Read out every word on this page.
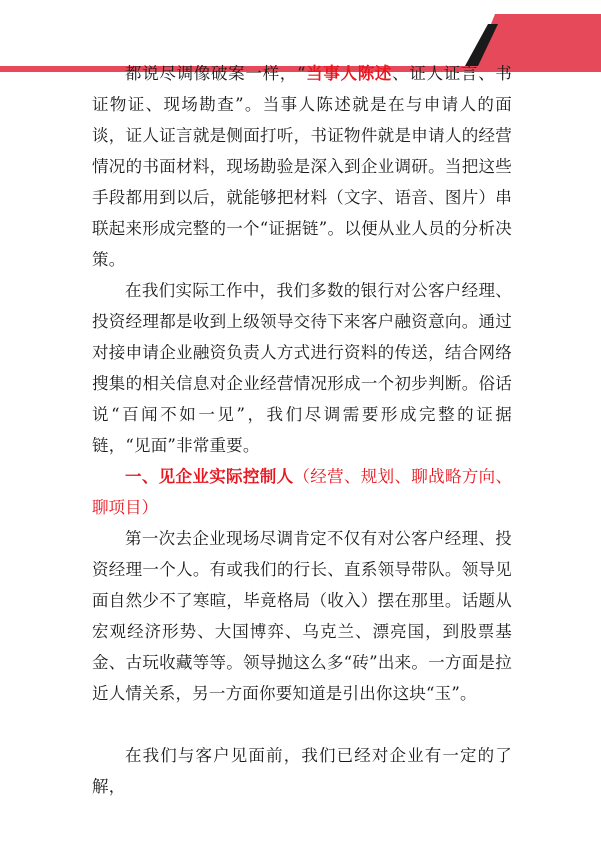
都说尽调像破案一样，“当事人陈述、证人证言、书证物证、现场勘查”。当事人陈述就是在与申请人的面谈，证人证言就是侧面打听，书证物件就是申请人的经营情况的书面材料，现场勘验是深入到企业调研。当把这些手段都用到以后，就能够把材料（文字、语音、图片）串联起来形成完整的一个“证据链”。以便从业人员的分析决策。

在我们实际工作中，我们多数的银行对公客户经理、投资经理都是收到上级领导交待下来客户融资意向。通过对接申请企业融资负责人方式进行资料的传送，结合网络搜集的相关信息对企业经营情况形成一个初步判断。俗话说“百闻不如一见”，我们尽调需要形成完整的证据链，“见面”非常重要。

一、见企业实际控制人（经营、规划、聊战略方向、聊项目）

第一次去企业现场尽调肯定不仅有对公客户经理、投资经理一个人。有或我们的行长、直系领导带队。领导见面自然少不了寒暄，毕竟格局（收入）摆在那里。话题从宏观经济形势、大国博弈、乌克兰、漂亮国，到股票基金、古玩收藏等等。领导抛这么多“砖”出来。一方面是拉近人情关系，另一方面你要知道是引出你这块“玉”。

在我们与客户见面前，我们已经对企业有一定的了解，
